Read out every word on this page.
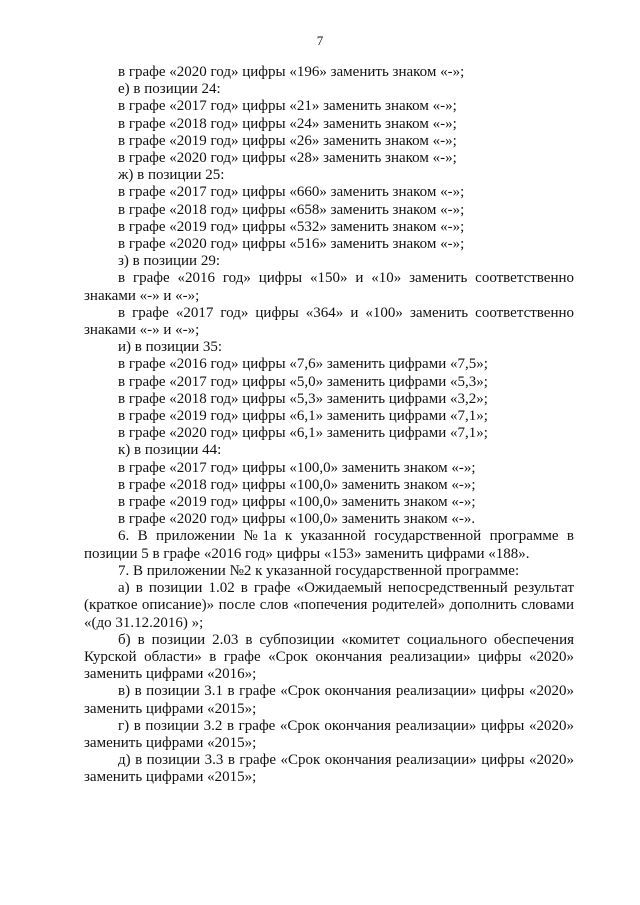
7
в графе «2020 год» цифры «196» заменить знаком «-»;
е) в позиции 24:
в графе «2017 год» цифры «21» заменить знаком «-»;
в графе «2018 год» цифры «24» заменить знаком «-»;
в графе «2019 год» цифры «26» заменить знаком «-»;
в графе «2020 год» цифры «28» заменить знаком «-»;
ж) в позиции 25:
в графе «2017 год» цифры «660» заменить знаком «-»;
в графе «2018 год» цифры «658» заменить знаком «-»;
в графе «2019 год» цифры «532» заменить знаком «-»;
в графе «2020 год» цифры «516» заменить знаком «-»;
з) в позиции 29:
в графе «2016 год» цифры «150» и «10» заменить соответственно знаками «-» и «-»;
в графе «2017 год» цифры «364» и «100» заменить соответственно знаками «-» и «-»;
и) в позиции 35:
в графе «2016 год» цифры «7,6» заменить цифрами «7,5»;
в графе «2017 год» цифры «5,0» заменить цифрами «5,3»;
в графе «2018 год» цифры «5,3» заменить цифрами «3,2»;
в графе «2019 год» цифры «6,1» заменить цифрами «7,1»;
в графе «2020 год» цифры «6,1» заменить цифрами «7,1»;
к) в позиции 44:
в графе «2017 год» цифры «100,0» заменить знаком «-»;
в графе «2018 год» цифры «100,0» заменить знаком «-»;
в графе «2019 год» цифры «100,0» заменить знаком «-»;
в графе «2020 год» цифры «100,0» заменить знаком «-».
6. В приложении №1а к указанной государственной программе в позиции 5 в графе «2016 год» цифры «153» заменить цифрами «188».
7. В приложении №2 к указанной государственной программе:
а) в позиции 1.02 в графе «Ожидаемый непосредственный результат (краткое описание)» после слов «попечения родителей» дополнить словами «(до 31.12.2016) »;
б) в позиции 2.03 в субпозиции «комитет социального обеспечения Курской области» в графе «Срок окончания реализации» цифры «2020» заменить цифрами «2016»;
в) в позиции 3.1 в графе «Срок окончания реализации» цифры «2020» заменить цифрами «2015»;
г) в позиции 3.2 в графе «Срок окончания реализации» цифры «2020» заменить цифрами «2015»;
д) в позиции 3.3 в графе «Срок окончания реализации» цифры «2020» заменить цифрами «2015»;
